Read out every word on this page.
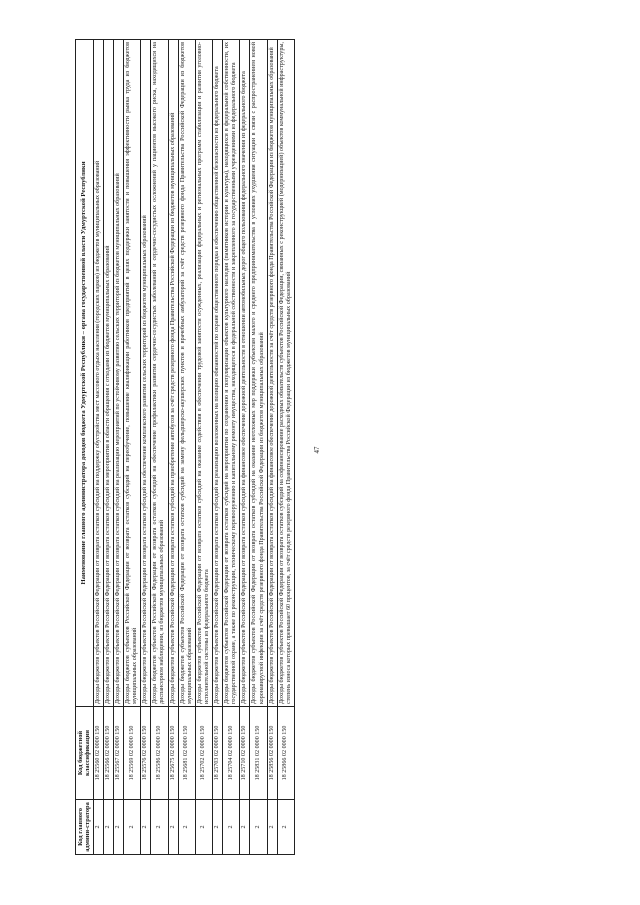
47
Код главного админи-стратора	Код бюджетной классификации	Наименование главного администратора доходов бюджета Удмуртской Республики – органа государственной власти Удмуртской Республики
2	18 25560 02 0000 150	Доходы бюджетов субъектов Российской Федерации от возврата остатков субсидий на поддержку обустройства мест массового отдыха населения (городских парков) из бюджетов муниципальных образований
2	18 25566 02 0000 150	Доходы бюджетов субъектов Российской Федерации от возврата остатков субсидий на мероприятия в области обращения с отходами из бюджетов муниципальных образований
2	18 25567 02 0000 150	Доходы бюджетов субъектов Российской Федерации от возврата остатков субсидий на реализацию мероприятий по устойчивому развитию сельских территорий из бюджетов муниципальных образований
2	18 25569 02 0000 150	Доходы бюджетов субъектов Российской Федерации от возврата остатков субсидий на переобучение, повышение квалификации работников предприятий в целях поддержки занятости и повышения эффективности рынка труда из бюджетов муниципальных образований
2	18 25576 02 0000 150	Доходы бюджетов субъектов Российской Федерации от возврата остатков субсидий на обеспечение комплексного развития сельских территорий из бюджетов муниципальных образований
2	18 25586 02 0000 150	Доходы бюджетов субъектов Российской Федерации от возврата остатков субсидий на обеспечение профилактики развития сердечно-сосудистых заболеваний и сердечно-сосудистых осложнений у пациентов высокого риска, находящихся на диспансерном наблюдении, из бюджетов муниципальных образований
2	18 25675 02 0000 150	Доходы бюджетов субъектов Российской Федерации от возврата остатков субсидий на приобретение автобусов за счёт средств резервного фонда Правительства Российской Федерации из бюджетов муниципальных образований
2	18 25681 02 0000 150	Доходы бюджетов субъектов Российской Федерации от возврата остатков субсидий на замену фельдшерско-акушерских пунктов и врачебных амбулаторий за счёт средств резервного фонда Правительства Российской Федерации из бюджетов муниципальных образований
2	18 25702 02 0000 150	Доходы бюджетов субъектов Российской Федерации от возврата остатков субсидий на оказание содействия в обеспечении трудовой занятости осужденных, реализации федеральных и региональных программ стабилизации и развития уголовно-исполнительной системы из федерального бюджета
2	18 25703 02 0000 150	Доходы бюджетов субъектов Российской Федерации от возврата остатков субсидий на реализацию возложенных на полицию обязанностей по охране общественного порядка и обеспечению общественной безопасности из федерального бюджета
2	18 25704 02 0000 150	Доходы бюджетов субъектов Российской Федерации от возврата остатков субсидий на мероприятия по сохранению и популяризации объектов культурного наследия (памятников истории и культуры), находящихся в федеральной собственности, их государственной охране, а также по реконструкции, техническому перевооружению и капитальному ремонту имущества, находящегося в федеральной собственности и закрепленного за государственными учреждениями из федерального бюджета
2	18 25710 02 0000 150	Доходы бюджетов субъектов Российской Федерации от возврата остатков субсидий на финансовое обеспечение дорожной деятельности в отношении автомобильных дорог общего пользования федерального значения из федерального бюджета
2	18 25831 02 0000 150	Доходы бюджетов субъектов Российской Федерации от возврата остатков субсидий на оказание неотложных мер поддержки субъектам малого и среднего предпринимательства в условиях ухудшения ситуации в связи с распространением новой коронавирусной инфекции за счёт средств резервного фонда Правительства Российской Федерации из бюджетов муниципальных образований
2	18 25856 02 0000 150	Доходы бюджетов субъектов Российской Федерации от возврата остатков субсидий на финансовое обеспечение дорожной деятельности за счёт средств резервного фонда Правительства Российской Федерации из бюджетов муниципальных образований
2	18 25866 02 0000 150	Доходы бюджетов субъектов Российской Федерации от возврата остатков субсидий на софинансирование расходных обязательств субъектов Российской Федерации, связанных с реконструкцией (модернизацией) объектов коммунальной инфраструктуры, степень износа которых превышает 60 процентов, за счёт средств резервного фонда Правительства Российской Федерации из бюджетов муниципальных образований
